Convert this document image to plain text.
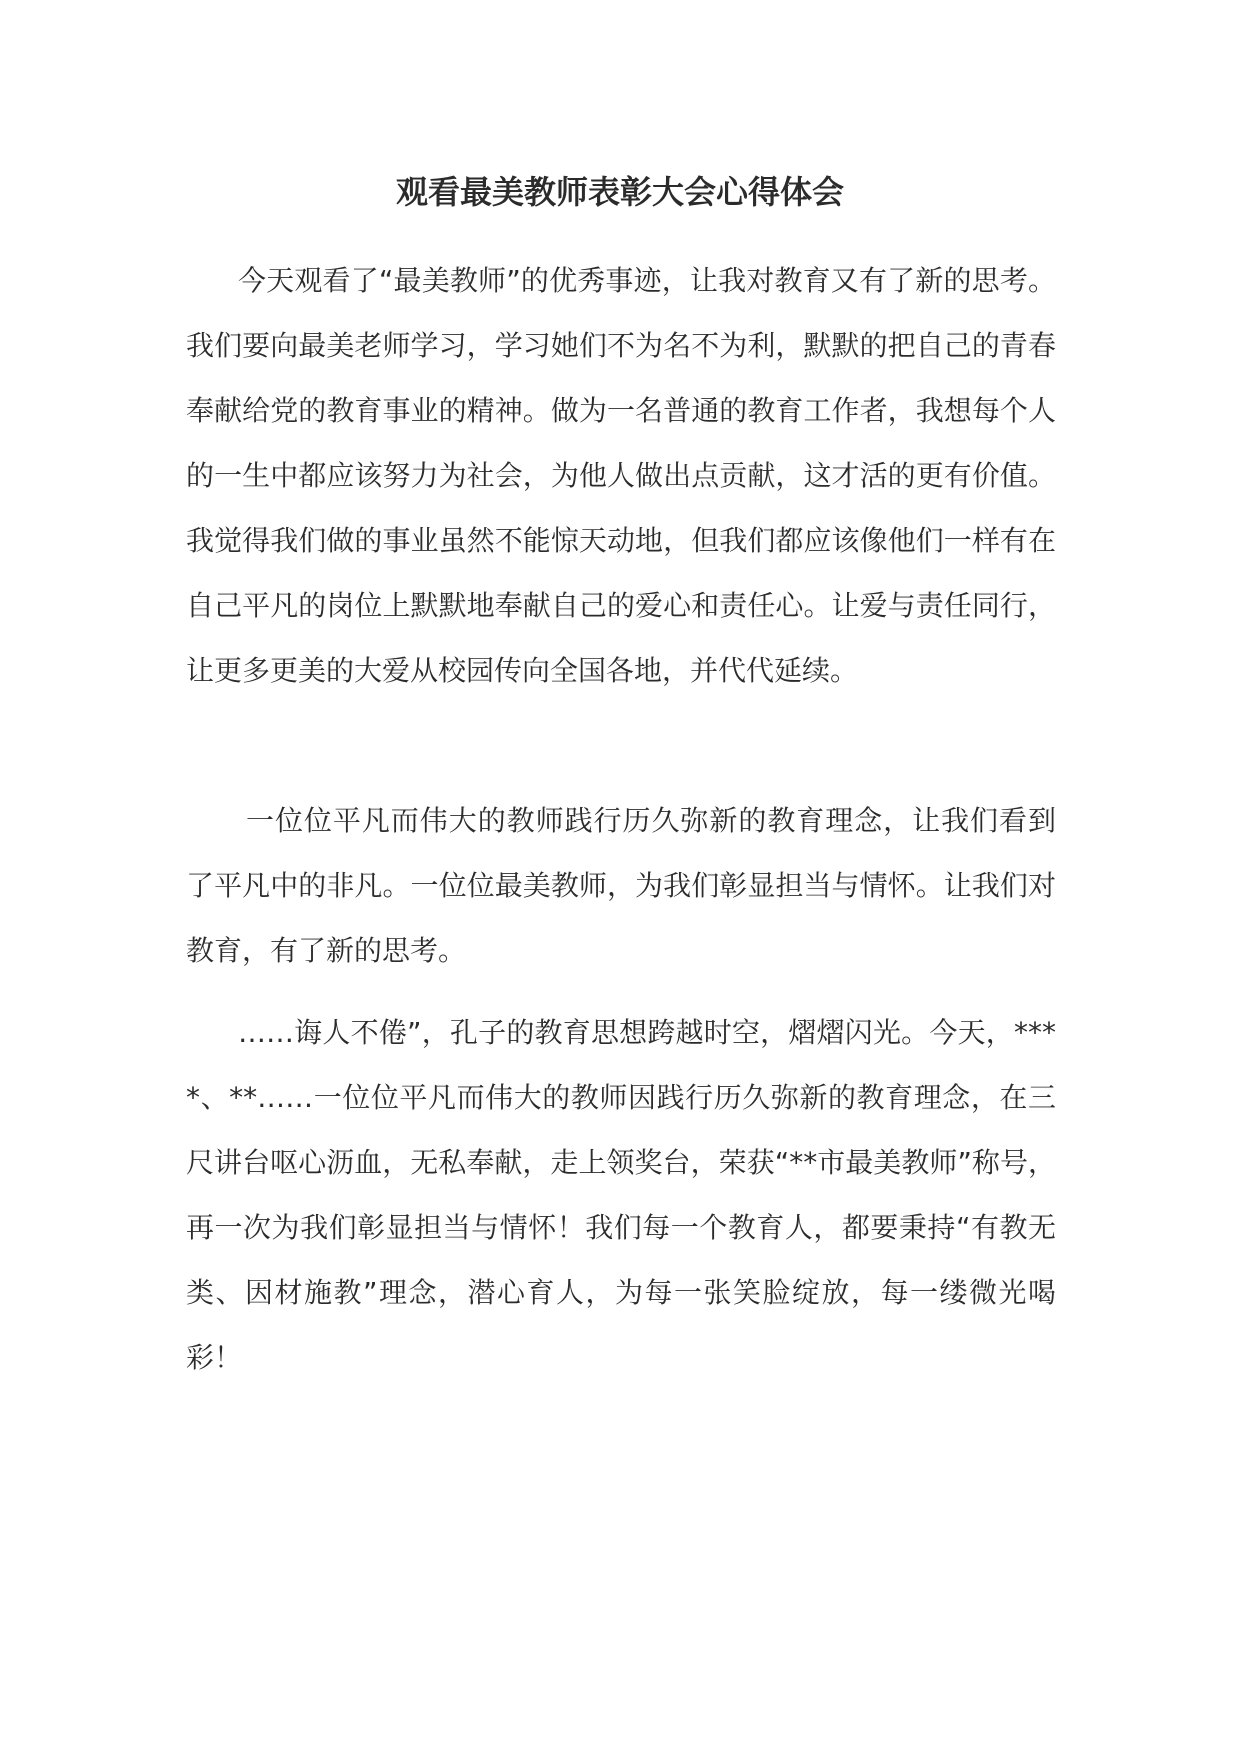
观看最美教师表彰大会心得体会

今天观看了“最美教师”的优秀事迹，让我对教育又有了新的思考。我们要向最美老师学习，学习她们不为名不为利，默默的把自己的青春奉献给党的教育事业的精神。做为一名普通的教育工作者，我想每个人的一生中都应该努力为社会，为他人做出点贡献，这才活的更有价值。我觉得我们做的事业虽然不能惊天动地，但我们都应该像他们一样有在自己平凡的岗位上默默地奉献自己的爱心和责任心。让爱与责任同行，让更多更美的大爱从校园传向全国各地，并代代延续。

一位位平凡而伟大的教师践行历久弥新的教育理念，让我们看到了平凡中的非凡。一位位最美教师，为我们彰显担当与情怀。让我们对教育，有了新的思考。

……诲人不倦”，孔子的教育思想跨越时空，熠熠闪光。今天，****、**……一位位平凡而伟大的教师因践行历久弥新的教育理念，在三尺讲台呕心沥血，无私奉献，走上领奖台，荣获“**市最美教师”称号，再一次为我们彰显担当与情怀！我们每一个教育人，都要秉持“有教无类、因材施教”理念，潜心育人，为每一张笑脸绽放，每一缕微光喝彩！
